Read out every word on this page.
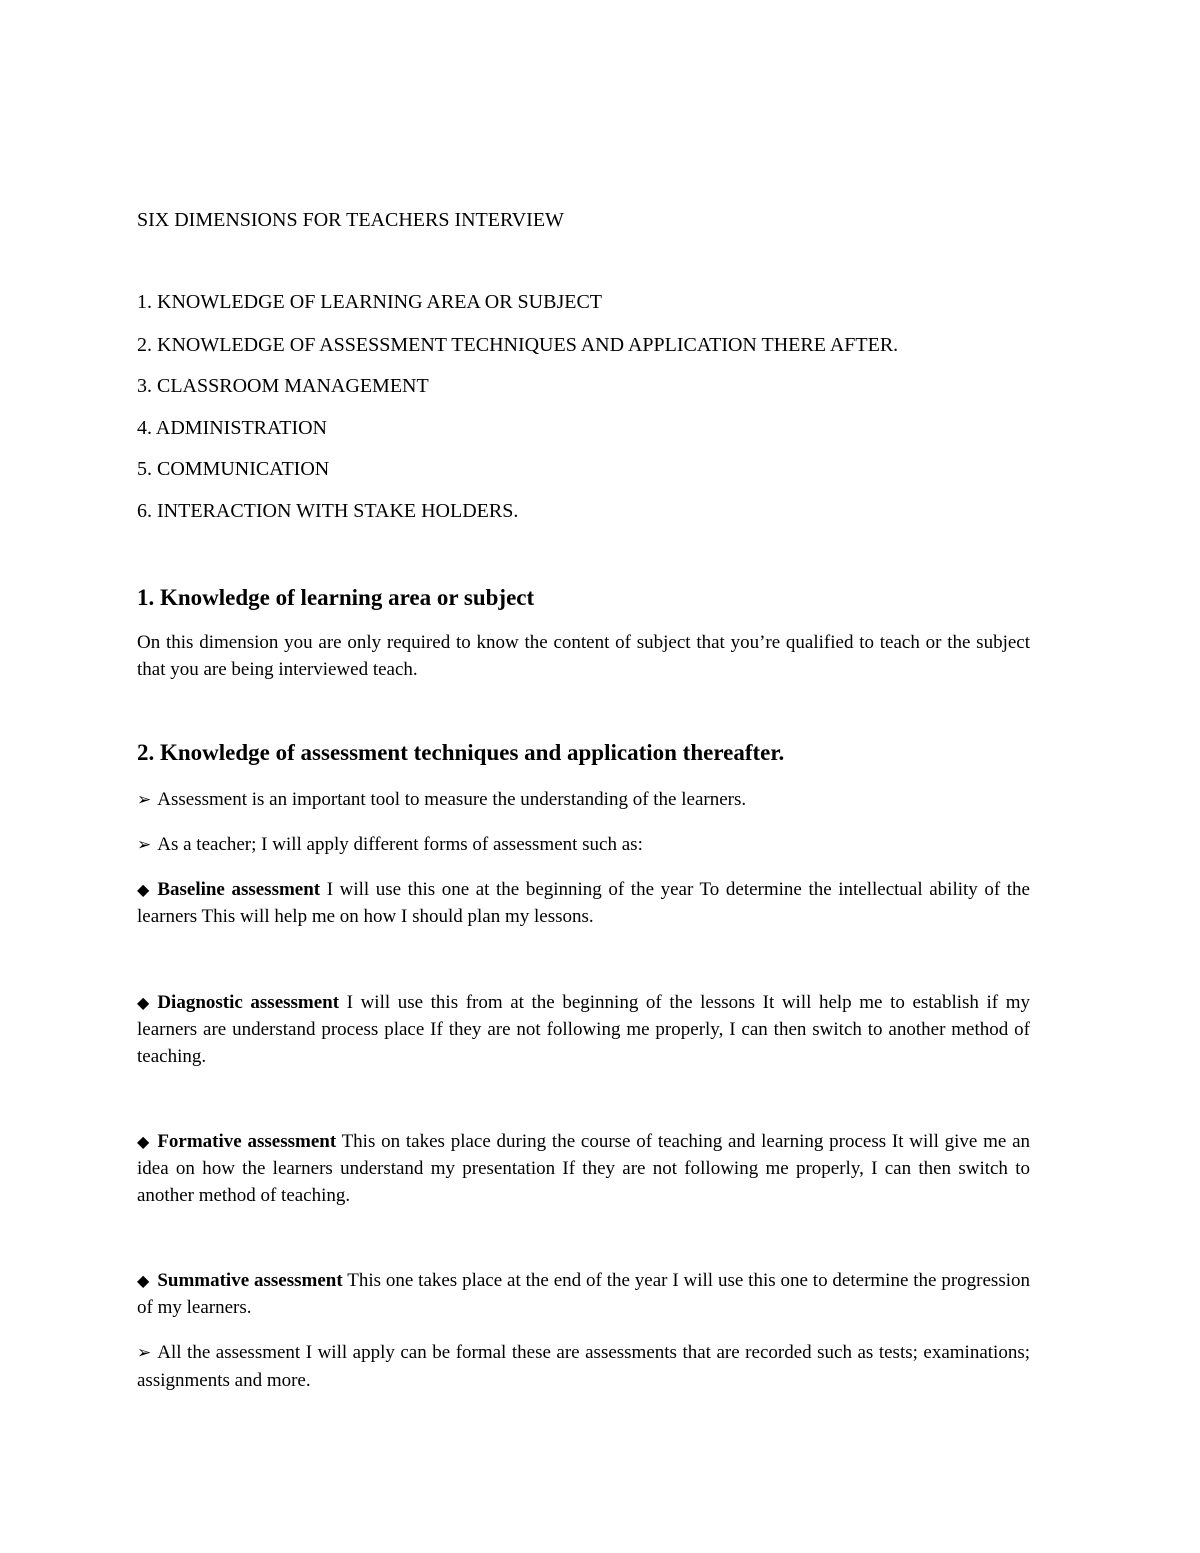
SIX DIMENSIONS FOR TEACHERS INTERVIEW
1. KNOWLEDGE OF LEARNING AREA OR SUBJECT
2. KNOWLEDGE OF ASSESSMENT TECHNIQUES AND APPLICATION THERE AFTER.
3. CLASSROOM MANAGEMENT
4. ADMINISTRATION
5. COMMUNICATION
6. INTERACTION WITH STAKE HOLDERS.
1. Knowledge of learning area or subject

On this dimension you are only required to know the content of subject that you’re qualified to teach or the subject that you are being interviewed teach.

2. Knowledge of assessment techniques and application thereafter.

➢ Assessment is an important tool to measure the understanding of the learners.

➢ As a teacher; I will apply different forms of assessment such as:

◆ Baseline assessment I will use this one at the beginning of the year To determine the intellectual ability of the learners This will help me on how I should plan my lessons.

◆ Diagnostic assessment I will use this from at the beginning of the lessons It will help me to establish if my learners are understand process place If they are not following me properly, I can then switch to another method of teaching.

◆ Formative assessment This on takes place during the course of teaching and learning process It will give me an idea on how the learners understand my presentation If they are not following me properly, I can then switch to another method of teaching.

◆ Summative assessment This one takes place at the end of the year I will use this one to determine the progression of my learners.

➢ All the assessment I will apply can be formal these are assessments that are recorded such as tests; examinations; assignments and more.
